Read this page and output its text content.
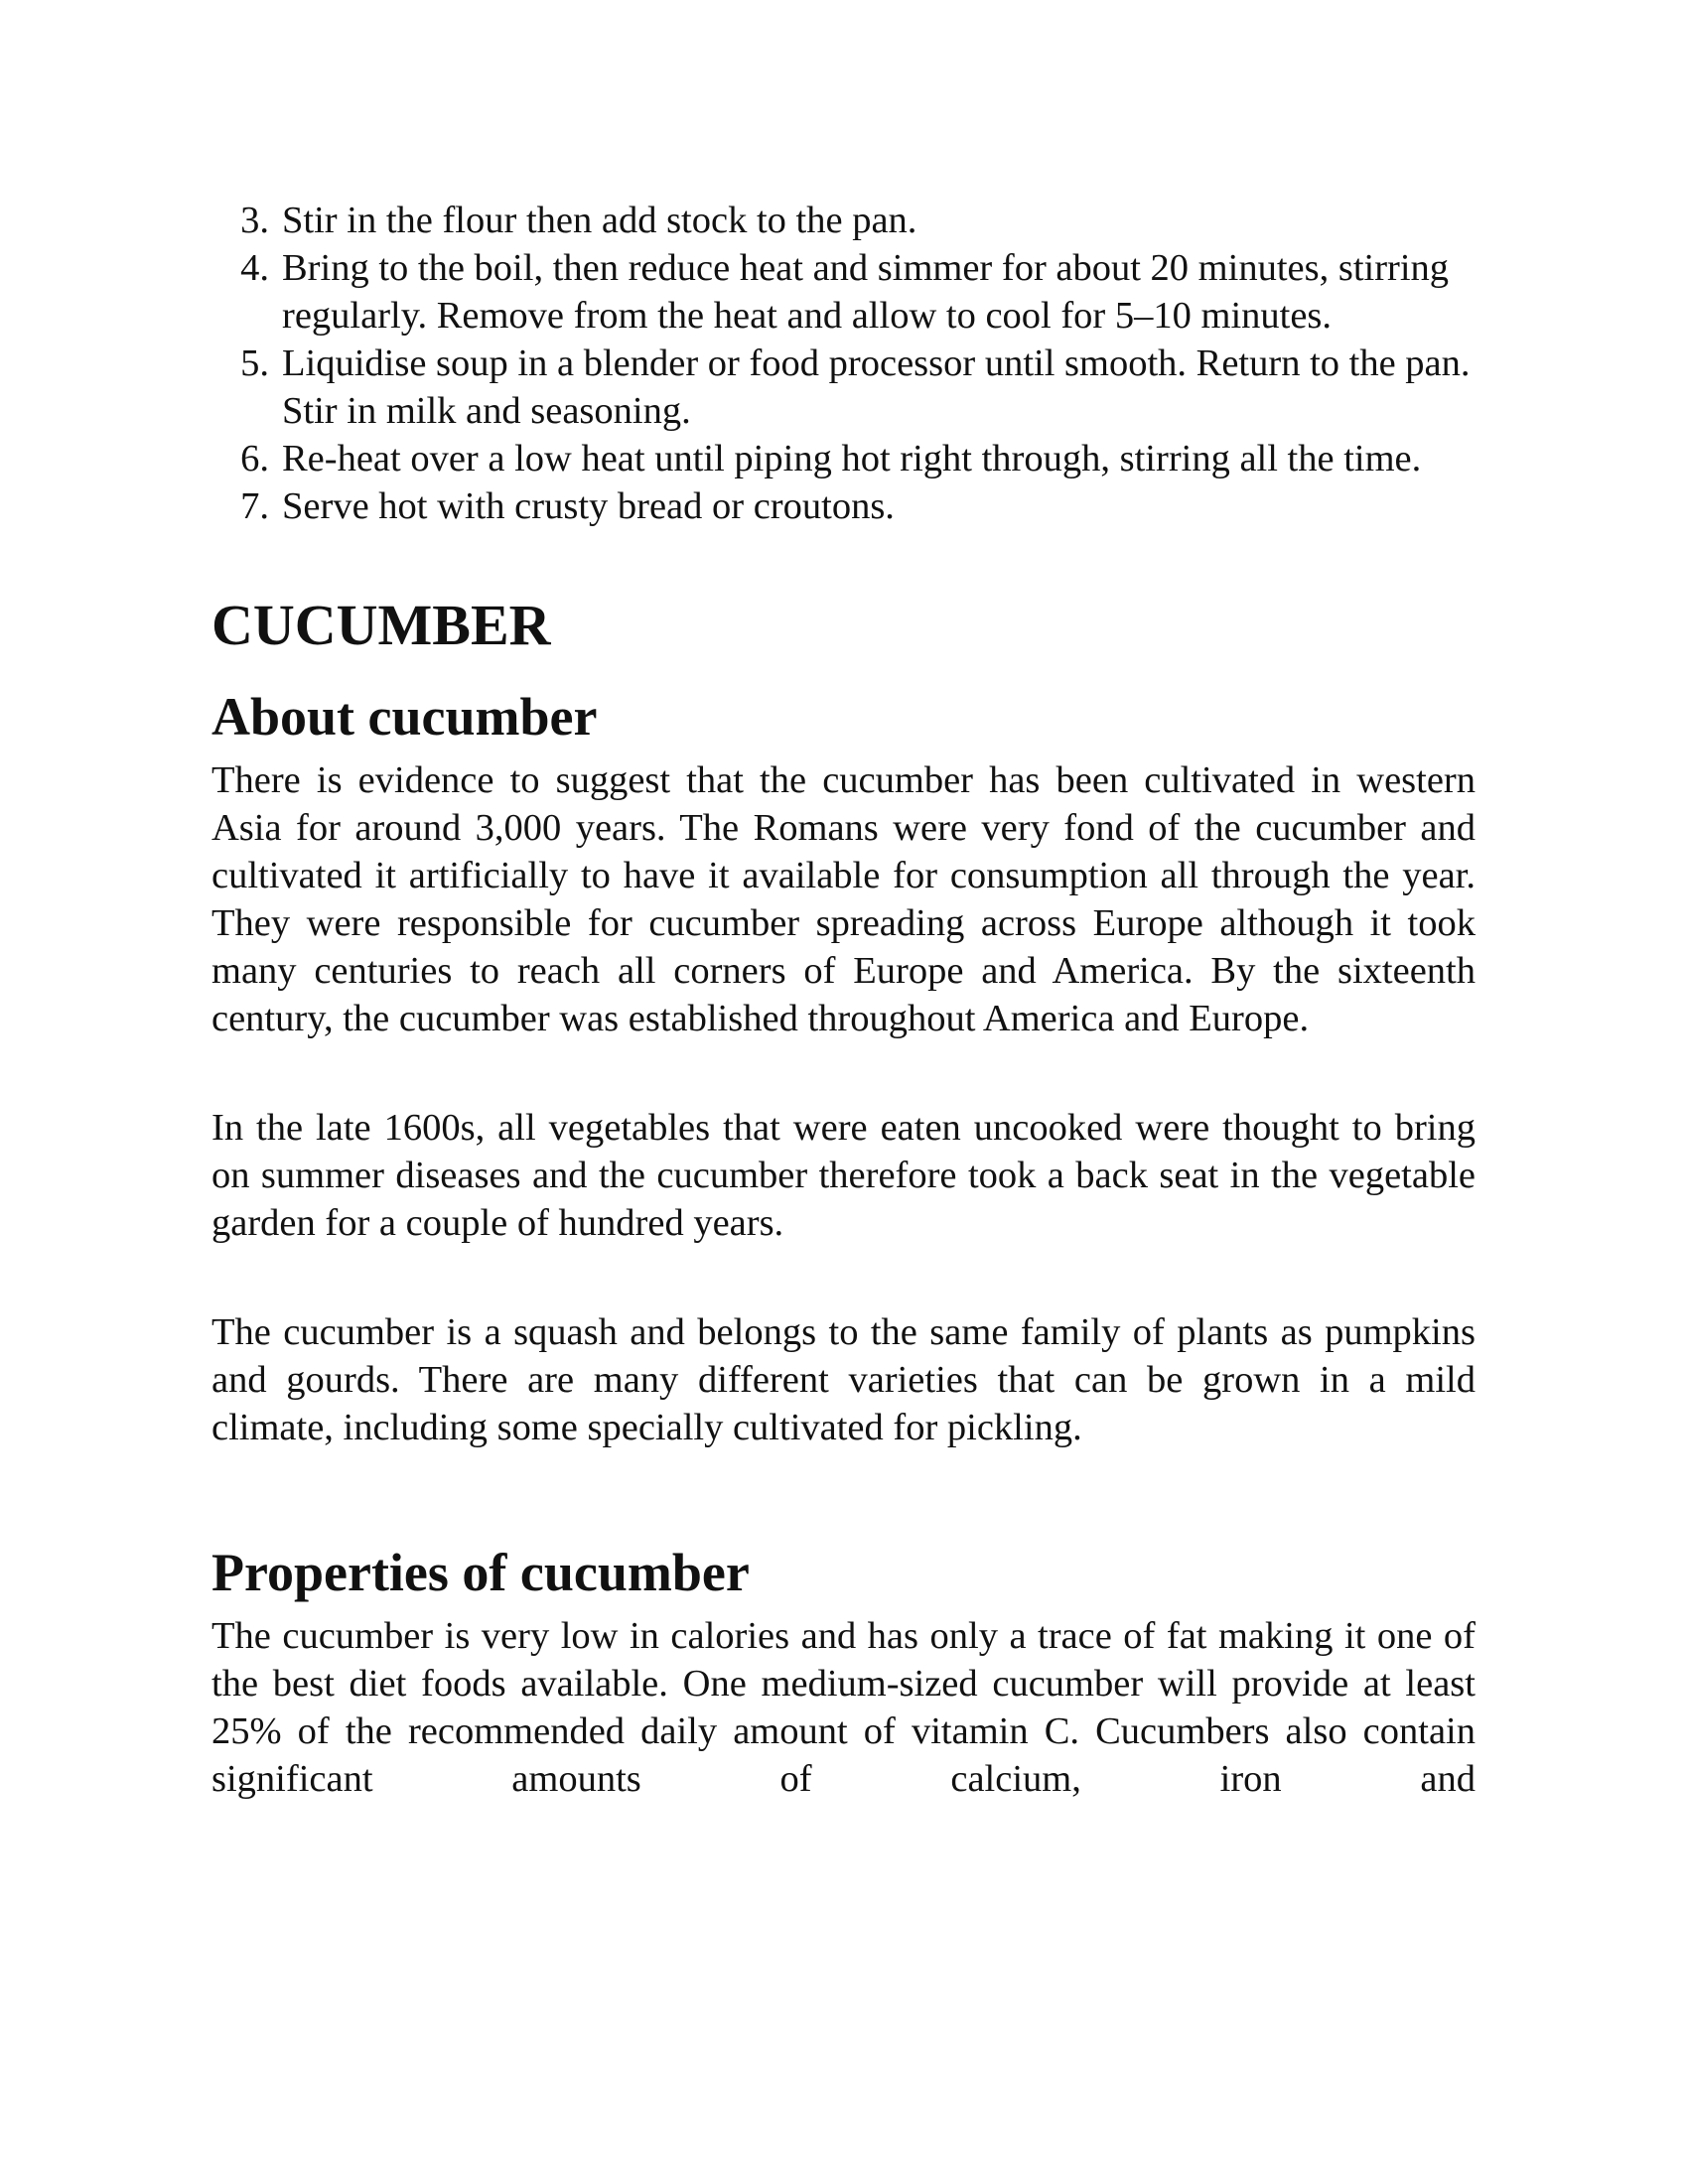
3. Stir in the flour then add stock to the pan.
4. Bring to the boil, then reduce heat and simmer for about 20 minutes, stirring regularly. Remove from the heat and allow to cool for 5–10 minutes.
5. Liquidise soup in a blender or food processor until smooth. Return to the pan. Stir in milk and seasoning.
6. Re-heat over a low heat until piping hot right through, stirring all the time.
7. Serve hot with crusty bread or croutons.
CUCUMBER
About cucumber

There is evidence to suggest that the cucumber has been cultivated in western Asia for around 3,000 years. The Romans were very fond of the cucumber and cultivated it artificially to have it available for consumption all through the year. They were responsible for cucumber spreading across Europe although it took many centuries to reach all corners of Europe and America. By the sixteenth century, the cucumber was established throughout America and Europe.

In the late 1600s, all vegetables that were eaten uncooked were thought to bring on summer diseases and the cucumber therefore took a back seat in the vegetable garden for a couple of hundred years.

The cucumber is a squash and belongs to the same family of plants as pumpkins and gourds. There are many different varieties that can be grown in a mild climate, including some specially cultivated for pickling.

Properties of cucumber

The cucumber is very low in calories and has only a trace of fat making it one of the best diet foods available. One medium-sized cucumber will provide at least 25% of the recommended daily amount of vitamin C. Cucumbers also contain significant amounts of calcium, iron and
